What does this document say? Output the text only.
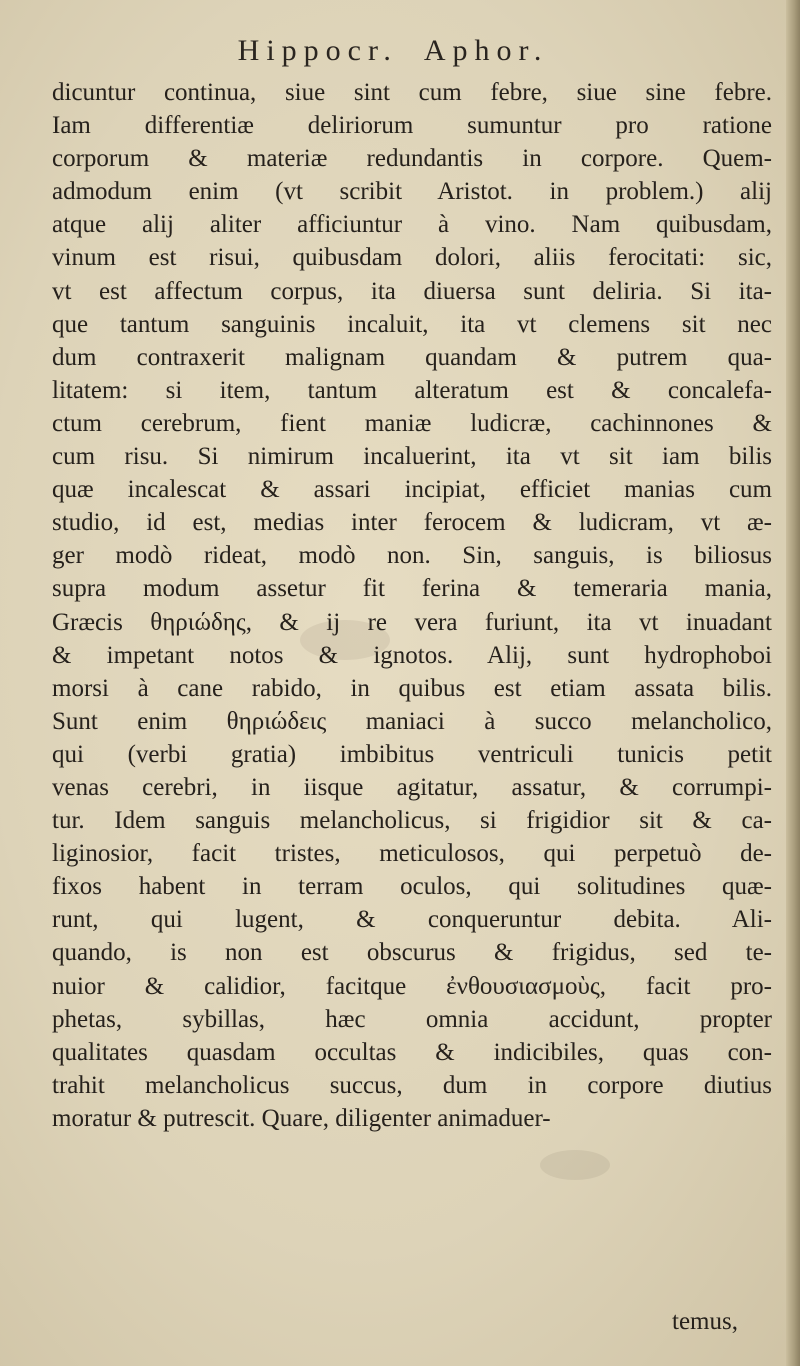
Hippocr. Aphor.
dicuntur continua, siue sint cum febre, siue sine febre.
Iam differentiæ deliriorum sumuntur pro ratione
corporum & materiæ redundantis in corpore. Quem-
admodum enim (vt scribit Aristot. in problem.) alij
atque alij aliter afficiuntur à vino. Nam quibusdam,
vinum est risui, quibusdam dolori, aliis ferocitati: sic,
vt est affectum corpus, ita diuersa sunt deliria. Si ita-
que tantum sanguinis incaluit, ita vt clemens sit nec
dum contraxerit malignam quandam & putrem qua-
litatem: si item, tantum alteratum est & concalefa-
ctum cerebrum, fient maniæ ludicræ, cachinnones &
cum risu. Si nimirum incaluerint, ita vt sit iam bilis
quæ incalescat & assari incipiat, efficiet manias cum
studio, id est, medias inter ferocem & ludicram, vt æ-
ger modò rideat, modò non. Sin, sanguis, is biliosus
supra modum assetur fit ferina & temeraria mania,
Græcis θηριώδης, & ij re vera furiunt, ita vt inuadant
& impetant notos & ignotos. Alij, sunt hydrophoboi
morsi à cane rabido, in quibus est etiam assata bilis.
Sunt enim θηριώδεις maniaci à succo melancholico,
qui (verbi gratia) imbibitus ventriculi tunicis petit
venas cerebri, in iisque agitatur, assatur, & corrumpi-
tur. Idem sanguis melancholicus, si frigidior sit & ca-
liginosior, facit tristes, meticulosos, qui perpetuò de-
fixos habent in terram oculos, qui solitudines quæ-
runt, qui lugent, & conqueruntur debita. Ali-
quando, is non est obscurus & frigidus, sed te-
nuior & calidior, facitque ἐνθουσιασμοὺς, facit pro-
phetas, sybillas, hæc omnia accidunt, propter
qualitates quasdam occultas & indicibiles, quas con-
trahit melancholicus succus, dum in corpore diutius
moratur & putrescit. Quare, diligenter animaduer-
temus,
